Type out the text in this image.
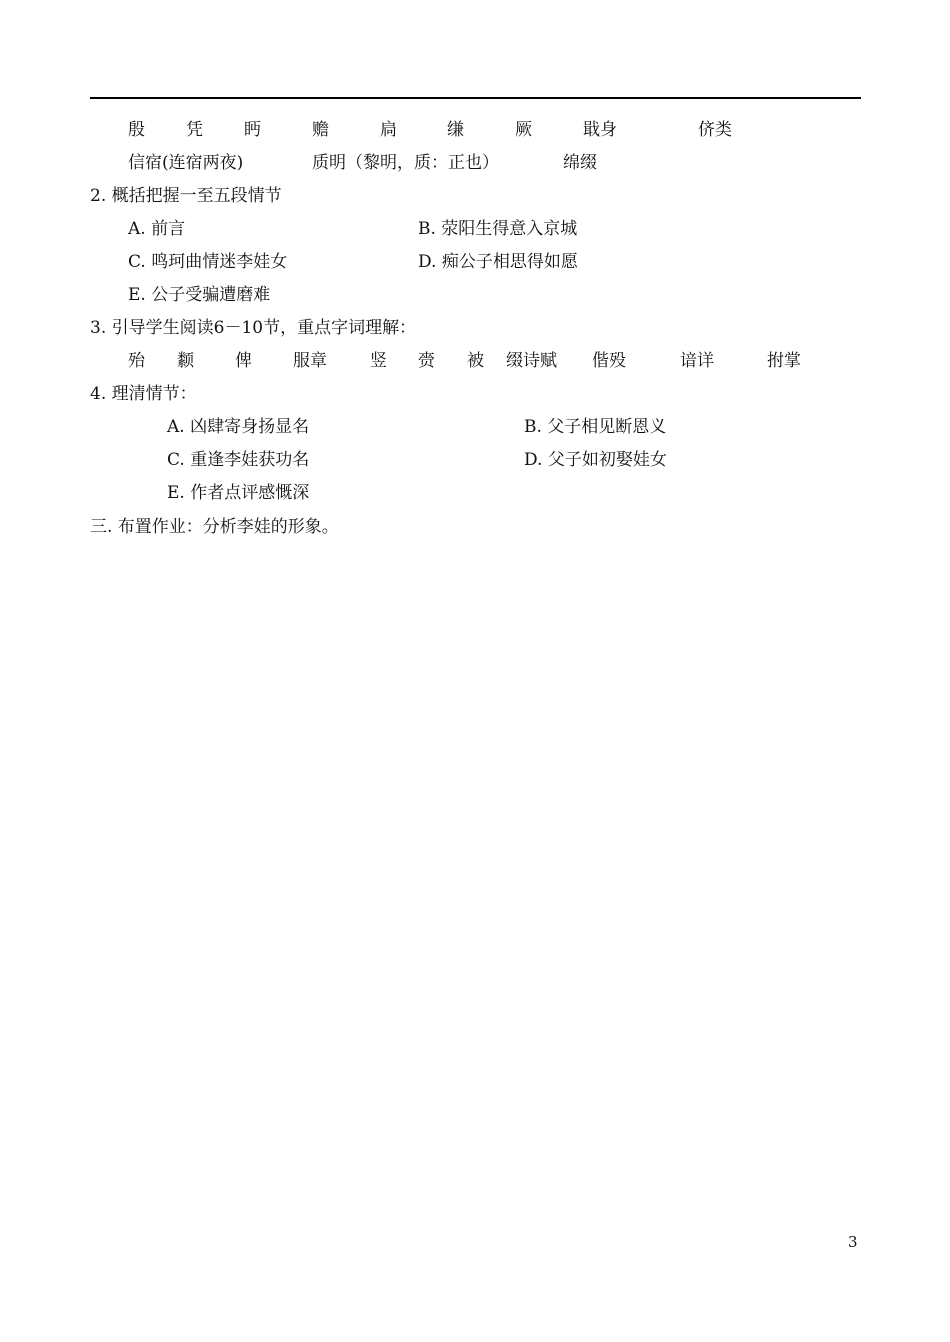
殷 凭 眄	赡	扃	缣	厥	戢身	侪类
信宿(连宿两夜)	质明（黎明，质：正也）	绵缀
2. 概括把握一至五段情节
A. 前言	B. 荥阳生得意入京城
C. 鸣珂曲情迷李娃女	D. 痴公子相思得如愿
E. 公子受骗遭磨难
3. 引导学生阅读6－10节，重点字词理解：
殆 颣 俾 服章	竖 赍 被 缀诗赋 偕殁	谙详	拊掌
4. 理清情节：
A. 凶肆寄身扬显名	B. 父子相见断恩义
C. 重逢李娃获功名	D. 父子如初娶娃女
E. 作者点评感慨深
三. 布置作业：分析李娃的形象。
3
